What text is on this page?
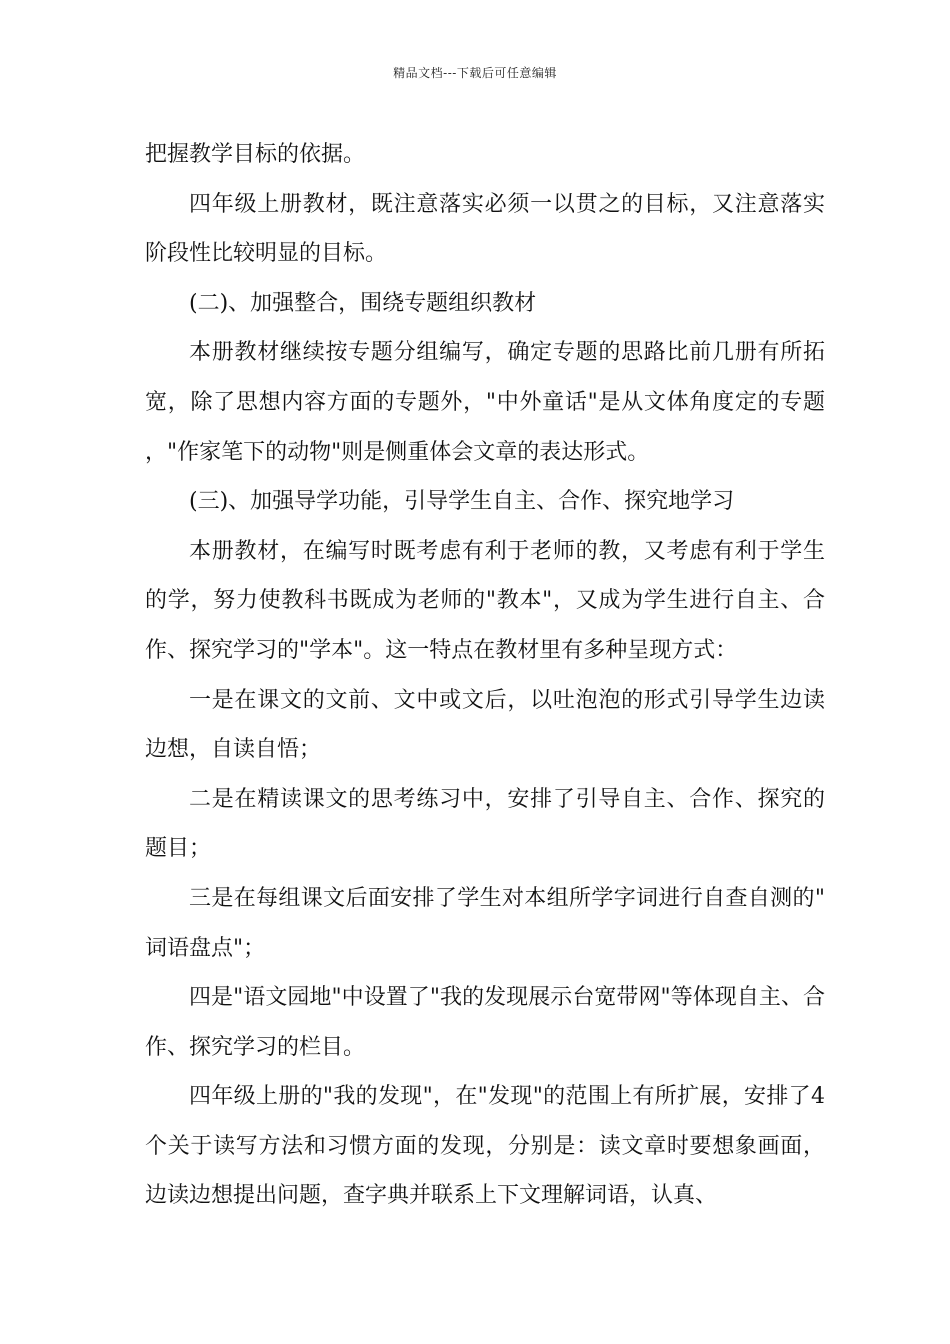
精品文档---下载后可任意编辑

把握教学目标的依据。

四年级上册教材，既注意落实必须一以贯之的目标，又注意落实阶段性比较明显的目标。

(二)、加强整合，围绕专题组织教材

本册教材继续按专题分组编写，确定专题的思路比前几册有所拓宽，除了思想内容方面的专题外，"中外童话"是从文体角度定的专题，"作家笔下的动物"则是侧重体会文章的表达形式。

(三)、加强导学功能，引导学生自主、合作、探究地学习

本册教材，在编写时既考虑有利于老师的教，又考虑有利于学生的学，努力使教科书既成为老师的"教本"，又成为学生进行自主、合作、探究学习的"学本"。这一特点在教材里有多种呈现方式：

一是在课文的文前、文中或文后，以吐泡泡的形式引导学生边读边想，自读自悟；

二是在精读课文的思考练习中，安排了引导自主、合作、探究的题目；

三是在每组课文后面安排了学生对本组所学字词进行自查自测的"词语盘点"；

四是"语文园地"中设置了"我的发现展示台宽带网"等体现自主、合作、探究学习的栏目。

四年级上册的"我的发现"，在"发现"的范围上有所扩展，安排了4个关于读写方法和习惯方面的发现，分别是：读文章时要想象画面，边读边想提出问题，查字典并联系上下文理解词语，认真、
